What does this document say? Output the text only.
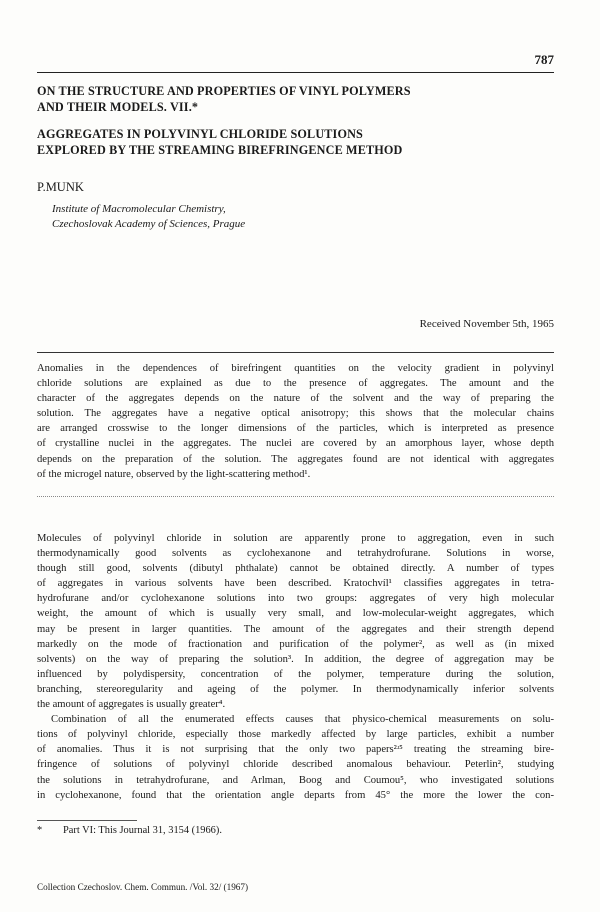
787
ON THE STRUCTURE AND PROPERTIES OF VINYL POLYMERS
AND THEIR MODELS. VII.*
AGGREGATES IN POLYVINYL CHLORIDE SOLUTIONS
EXPLORED BY THE STREAMING BIREFRINGENCE METHOD
P.MUNK
Institute of Macromolecular Chemistry,
Czechoslovak Academy of Sciences, Prague
Received November 5th, 1965
Anomalies in the dependences of birefringent quantities on the velocity gradient in polyvinyl
chloride solutions are explained as due to the presence of aggregates. The amount and the
character of the aggregates depends on the nature of the solvent and the way of preparing the
solution. The aggregates have a negative optical anisotropy; this shows that the molecular chains
are arranged crosswise to the longer dimensions of the particles, which is interpreted as presence
of crystalline nuclei in the aggregates. The nuclei are covered by an amorphous layer, whose depth
depends on the preparation of the solution. The aggregates found are not identical with aggregates
of the microgel nature, observed by the light-scattering method¹.
Molecules of polyvinyl chloride in solution are apparently prone to aggregation, even in such
thermodynamically good solvents as cyclohexanone and tetrahydrofurane. Solutions in worse,
though still good, solvents (dibutyl phthalate) cannot be obtained directly. A number of types
of aggregates in various solvents have been described. Kratochvíl¹ classifies aggregates in tetra-
hydrofurane and/or cyclohexanone solutions into two groups: aggregates of very high molecular
weight, the amount of which is usually very small, and low-molecular-weight aggregates, which
may be present in larger quantities. The amount of the aggregates and their strength depend
markedly on the mode of fractionation and purification of the polymer², as well as (in mixed
solvents) on the way of preparing the solution³. In addition, the degree of aggregation may be
influenced by polydispersity, concentration of the polymer, temperature during the solution,
branching, stereoregularity and ageing of the polymer. In thermodynamically inferior solvents
the amount of aggregates is usually greater⁴.
Combination of all the enumerated effects causes that physico-chemical measurements on solu-
tions of polyvinyl chloride, especially those markedly affected by large particles, exhibit a number
of anomalies. Thus it is not surprising that the only two papers²ʴ⁵ treating the streaming bire-
fringence of solutions of polyvinyl chloride described anomalous behaviour. Peterlin², studying
the solutions in tetrahydrofurane, and Arlman, Boog and Coumou⁵, who investigated solutions
in cyclohexanone, found that the orientation angle departs from 45° the more the lower the con-
* Part VI: This Journal 31, 3154 (1966).
Collection Czechoslov. Chem. Commun. /Vol. 32/ (1967)
